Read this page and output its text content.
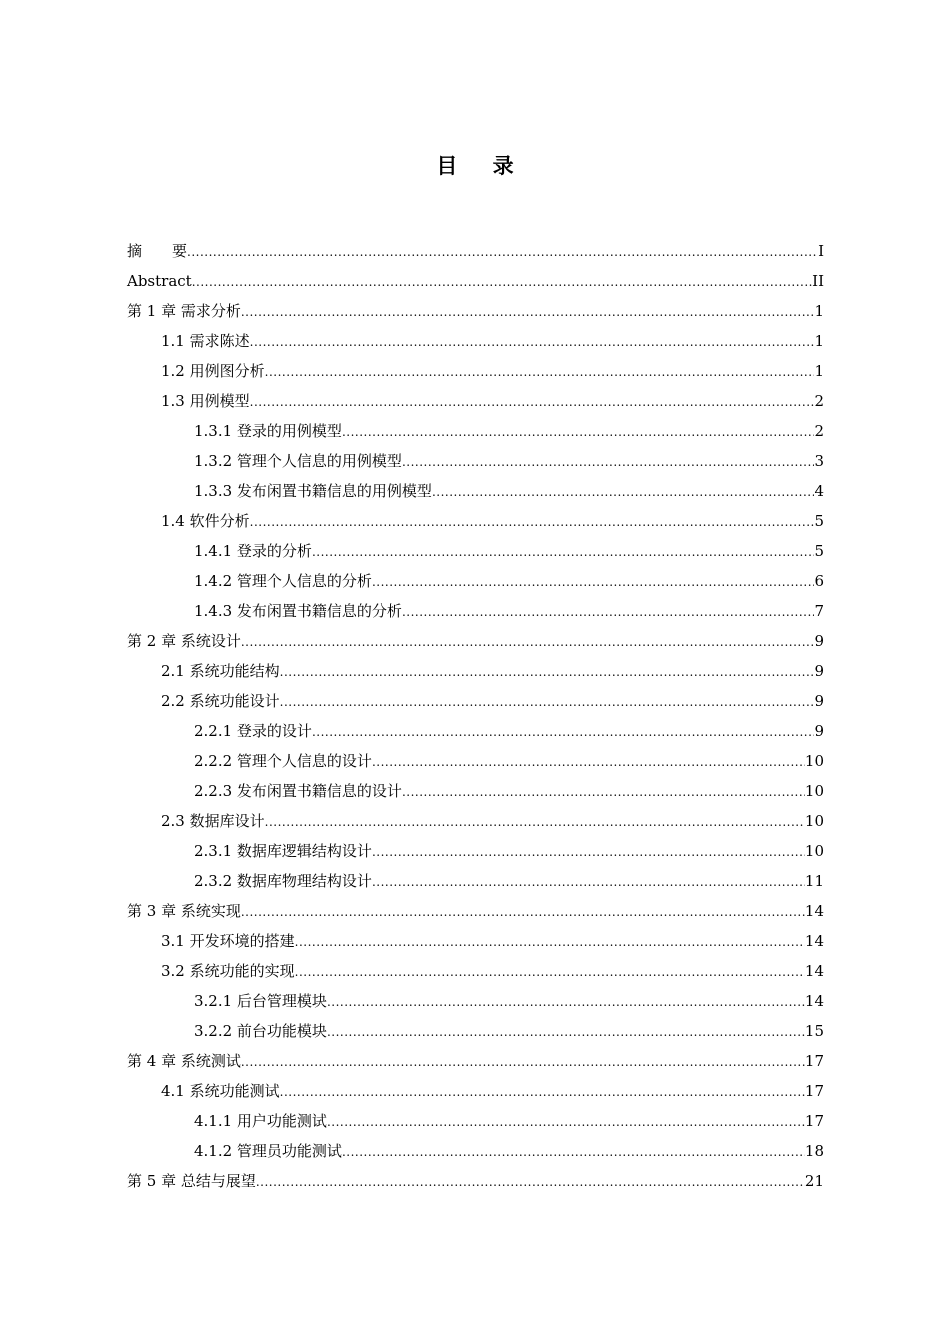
目 录
摘　　要 .....	I
Abstract .....	II
第 1 章 需求分析 .....	1
1.1 需求陈述 .....	1
1.2 用例图分析 .....	1
1.3 用例模型 .....	2
1.3.1 登录的用例模型 .....	2
1.3.2 管理个人信息的用例模型 .....	3
1.3.3 发布闲置书籍信息的用例模型 .....	4
1.4 软件分析 .....	5
1.4.1 登录的分析 .....	5
1.4.2 管理个人信息的分析 .....	6
1.4.3 发布闲置书籍信息的分析 .....	7
第 2 章 系统设计 .....	9
2.1 系统功能结构 .....	9
2.2 系统功能设计 .....	9
2.2.1 登录的设计 .....	9
2.2.2 管理个人信息的设计 .....	10
2.2.3 发布闲置书籍信息的设计 .....	10
2.3 数据库设计 .....	10
2.3.1 数据库逻辑结构设计 .....	10
2.3.2 数据库物理结构设计 .....	11
第 3 章 系统实现 .....	14
3.1 开发环境的搭建 .....	14
3.2 系统功能的实现 .....	14
3.2.1 后台管理模块 .....	14
3.2.2 前台功能模块 .....	15
第 4 章 系统测试 .....	17
4.1 系统功能测试 .....	17
4.1.1 用户功能测试 .....	17
4.1.2 管理员功能测试 .....	18
第 5 章 总结与展望 .....	21
